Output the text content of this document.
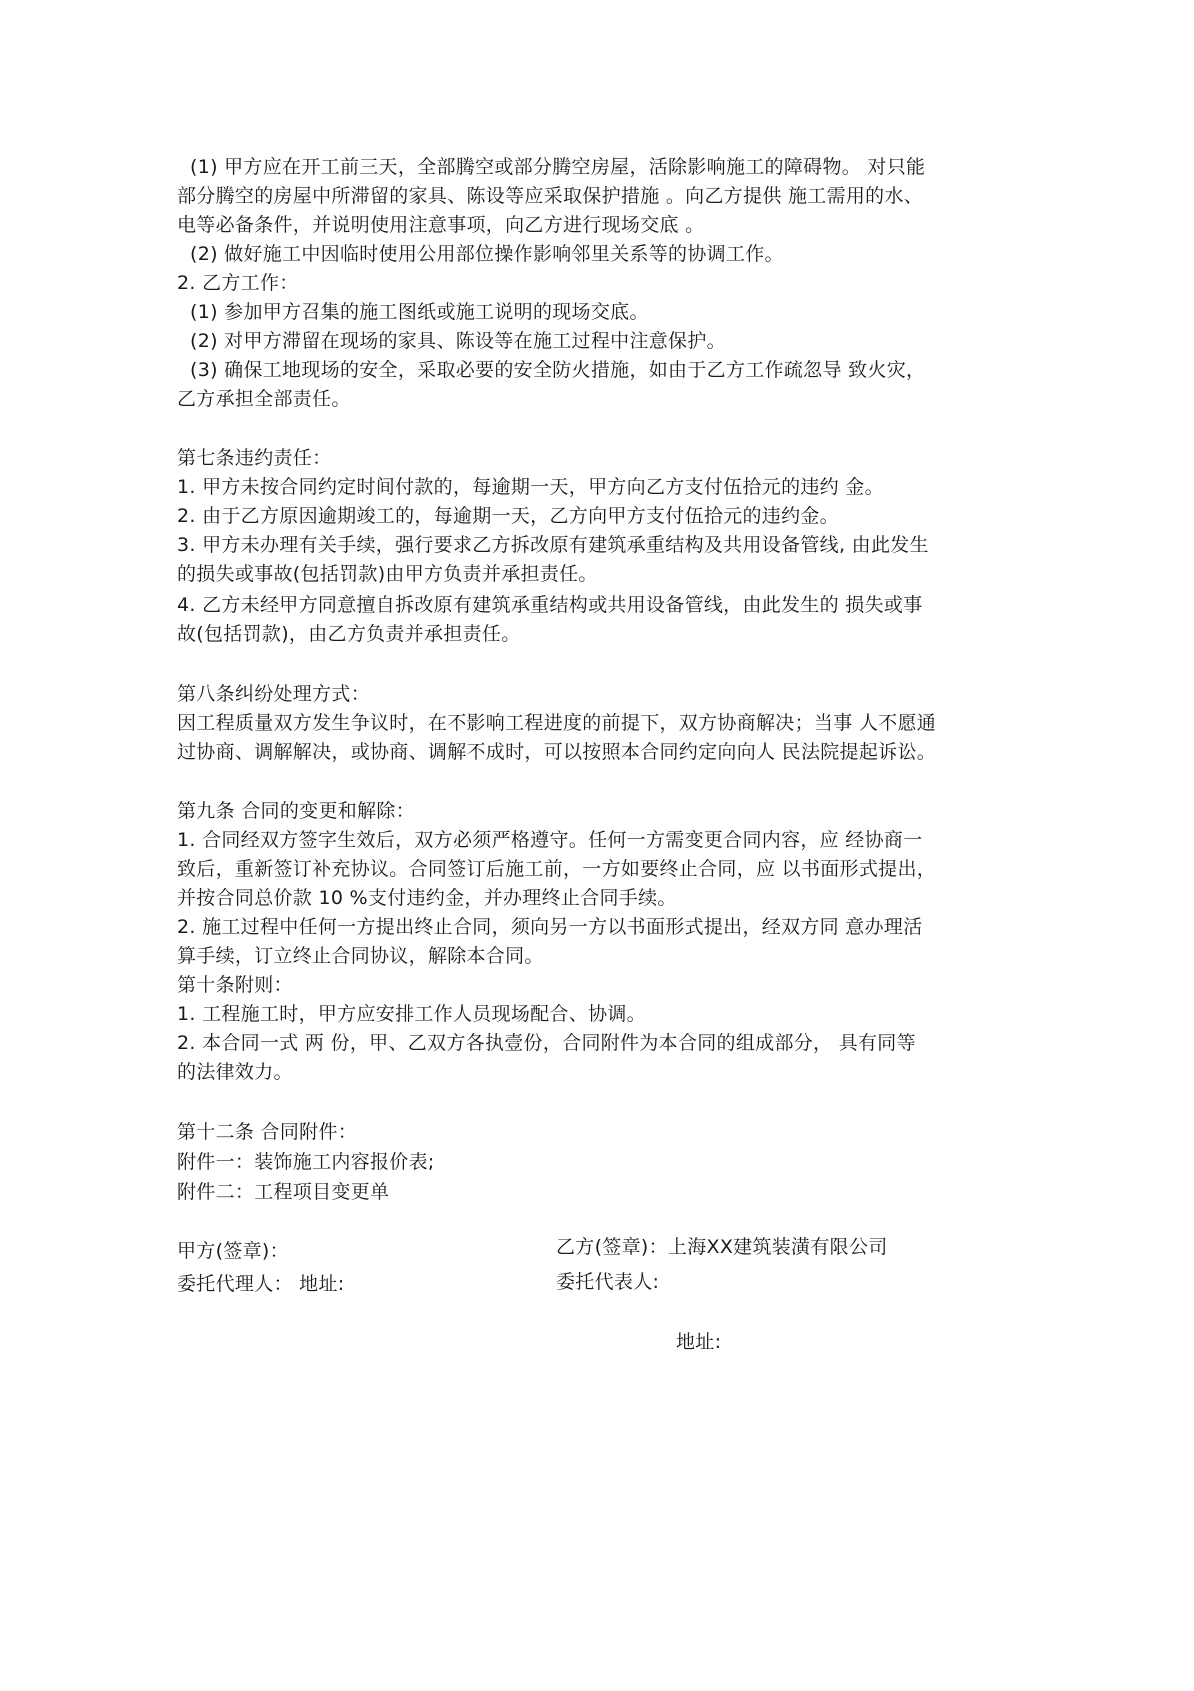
(1) 甲方应在开工前三天，全部腾空或部分腾空房屋，活除影响施工的障碍物。 对只能
部分腾空的房屋中所滞留的家具、陈设等应采取保护措施 。向乙方提供 施工需用的水、
电等必备条件，并说明使用注意事项，向乙方进行现场交底 。
(2) 做好施工中因临时使用公用部位操作影响邻里关系等的协调工作。
2. 乙方工作：
(1) 参加甲方召集的施工图纸或施工说明的现场交底。
(2) 对甲方滞留在现场的家具、陈设等在施工过程中注意保护。
(3) 确保工地现场的安全，采取必要的安全防火措施，如由于乙方工作疏忽导 致火灾，
乙方承担全部责任。
第七条违约责任：
1. 甲方未按合同约定时间付款的，每逾期一天，甲方向乙方支付伍拾元的违约 金。
2. 由于乙方原因逾期竣工的，每逾期一天，乙方向甲方支付伍拾元的违约金。
3. 甲方未办理有关手续，强行要求乙方拆改原有建筑承重结构及共用设备管线, 由此发生
的损失或事故(包括罚款)由甲方负责并承担责任。
4. 乙方未经甲方同意擅自拆改原有建筑承重结构或共用设备管线，由此发生的 损失或事
故(包括罚款)，由乙方负责并承担责任。
第八条纠纷处理方式：
因工程质量双方发生争议时，在不影响工程进度的前提下，双方协商解决；当事 人不愿通
过协商、调解解决，或协商、调解不成时，可以按照本合同约定向向人 民法院提起诉讼。
第九条 合同的变更和解除：
1. 合同经双方签字生效后，双方必须严格遵守。任何一方需变更合同内容，应 经协商一
致后，重新签订补充协议。合同签订后施工前，一方如要终止合同，应 以书面形式提出，
并按合同总价款 10 %支付违约金，并办理终止合同手续。
2. 施工过程中任何一方提出终止合同，须向另一方以书面形式提出，经双方同 意办理活
算手续，订立终止合同协议，解除本合同。
第十条附则：
1. 工程施工时，甲方应安排工作人员现场配合、协调。
2. 本合同一式 两 份，甲、乙双方各执壹份，合同附件为本合同的组成部分， 具有同等
的法律效力。
第十二条 合同附件：
附件一：装饰施工内容报价表;
附件二：工程项目变更单
甲方(签章)：	乙方(签章)：上海XX建筑装潢有限公司
委托代理人： 地址:	委托代表人:
地址:
